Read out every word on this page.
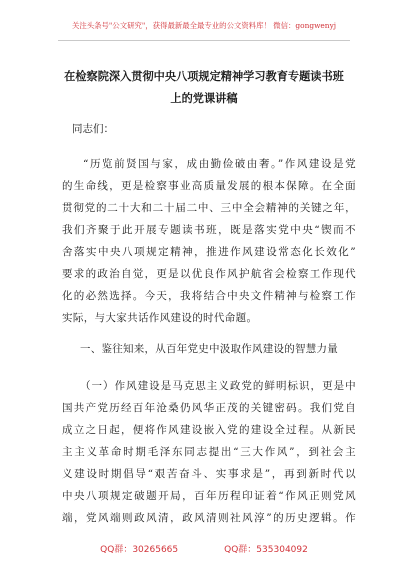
关注头条号"公文研究"，获得最新最全最专业的公文资料库！ 微信：gongwenyj
在检察院深入贯彻中央八项规定精神学习教育专题读书班
上的党课讲稿
同志们：
“历览前贤国与家，成由勤俭破由奢。”作风建设是党
的生命线，更是检察事业高质量发展的根本保障。在全面
贯彻党的二十大和二十届二中、三中全会精神的关键之年，
我们齐聚于此开展专题读书班，既是落实党中央“锲而不
舍落实中央八项规定精神，推进作风建设常态化长效化”
要求的政治自觉，更是以优良作风护航省会检察工作现代
化的必然选择。今天，我将结合中央文件精神与检察工作
实际，与大家共话作风建设的时代命题。
一、鉴往知来，从百年党史中汲取作风建设的智慧力量
（一）作风建设是马克思主义政党的鲜明标识，更是中
国共产党历经百年沧桑仍风华正茂的关键密码。我们党自
成立之日起，便将作风建设嵌入党的建设全过程。从新民
主主义革命时期毛泽东同志提出“三大作风”，到社会主
义建设时期倡导“艰苦奋斗、实事求是”，再到新时代以
中央八项规定破题开局，百年历程印证着“作风正则党风
端，党风端则政风清，政风清则社风淳”的历史逻辑。作
QQ群：30265665	QQ群：535304092
